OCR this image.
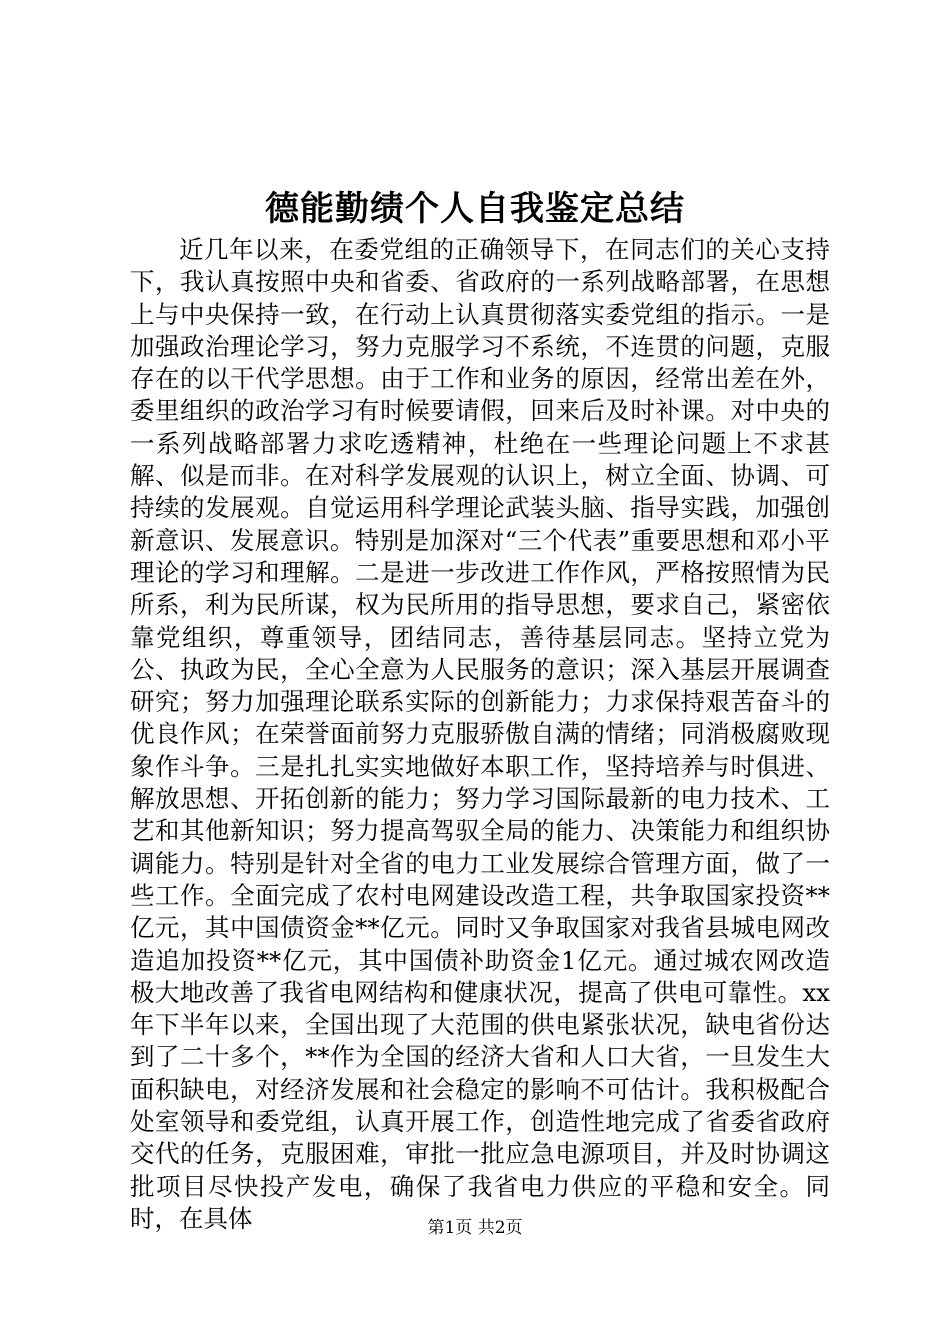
德能勤绩个人自我鉴定总结

近几年以来，在委党组的正确领导下，在同志们的关心支持下，我认真按照中央和省委、省政府的一系列战略部署，在思想上与中央保持一致，在行动上认真贯彻落实委党组的指示。一是加强政治理论学习，努力克服学习不系统，不连贯的问题，克服存在的以干代学思想。由于工作和业务的原因，经常出差在外，委里组织的政治学习有时候要请假，回来后及时补课。对中央的一系列战略部署力求吃透精神，杜绝在一些理论问题上不求甚解、似是而非。在对科学发展观的认识上，树立全面、协调、可持续的发展观。自觉运用科学理论武装头脑、指导实践，加强创新意识、发展意识。特别是加深对“三个代表”重要思想和邓小平理论的学习和理解。二是进一步改进工作作风，严格按照情为民所系，利为民所谋，权为民所用的指导思想，要求自己，紧密依靠党组织，尊重领导，团结同志，善待基层同志。坚持立党为公、执政为民，全心全意为人民服务的意识；深入基层开展调查研究；努力加强理论联系实际的创新能力；力求保持艰苦奋斗的优良作风；在荣誉面前努力克服骄傲自满的情绪；同消极腐败现象作斗争。三是扎扎实实地做好本职工作，坚持培养与时俱进、解放思想、开拓创新的能力；努力学习国际最新的电力技术、工艺和其他新知识；努力提高驾驭全局的能力、决策能力和组织协调能力。特别是针对全省的电力工业发展综合管理方面，做了一些工作。全面完成了农村电网建设改造工程，共争取国家投资**亿元，其中国债资金**亿元。同时又争取国家对我省县城电网改造追加投资**亿元，其中国债补助资金1亿元。通过城农网改造极大地改善了我省电网结构和健康状况，提高了供电可靠性。xx年下半年以来，全国出现了大范围的供电紧张状况，缺电省份达到了二十多个，**作为全国的经济大省和人口大省，一旦发生大面积缺电，对经济发展和社会稳定的影响不可估计。我积极配合处室领导和委党组，认真开展工作，创造性地完成了省委省政府交代的任务，克服困难，审批一批应急电源项目，并及时协调这批项目尽快投产发电，确保了我省电力供应的平稳和安全。同时，在具体	第1页 共2页
